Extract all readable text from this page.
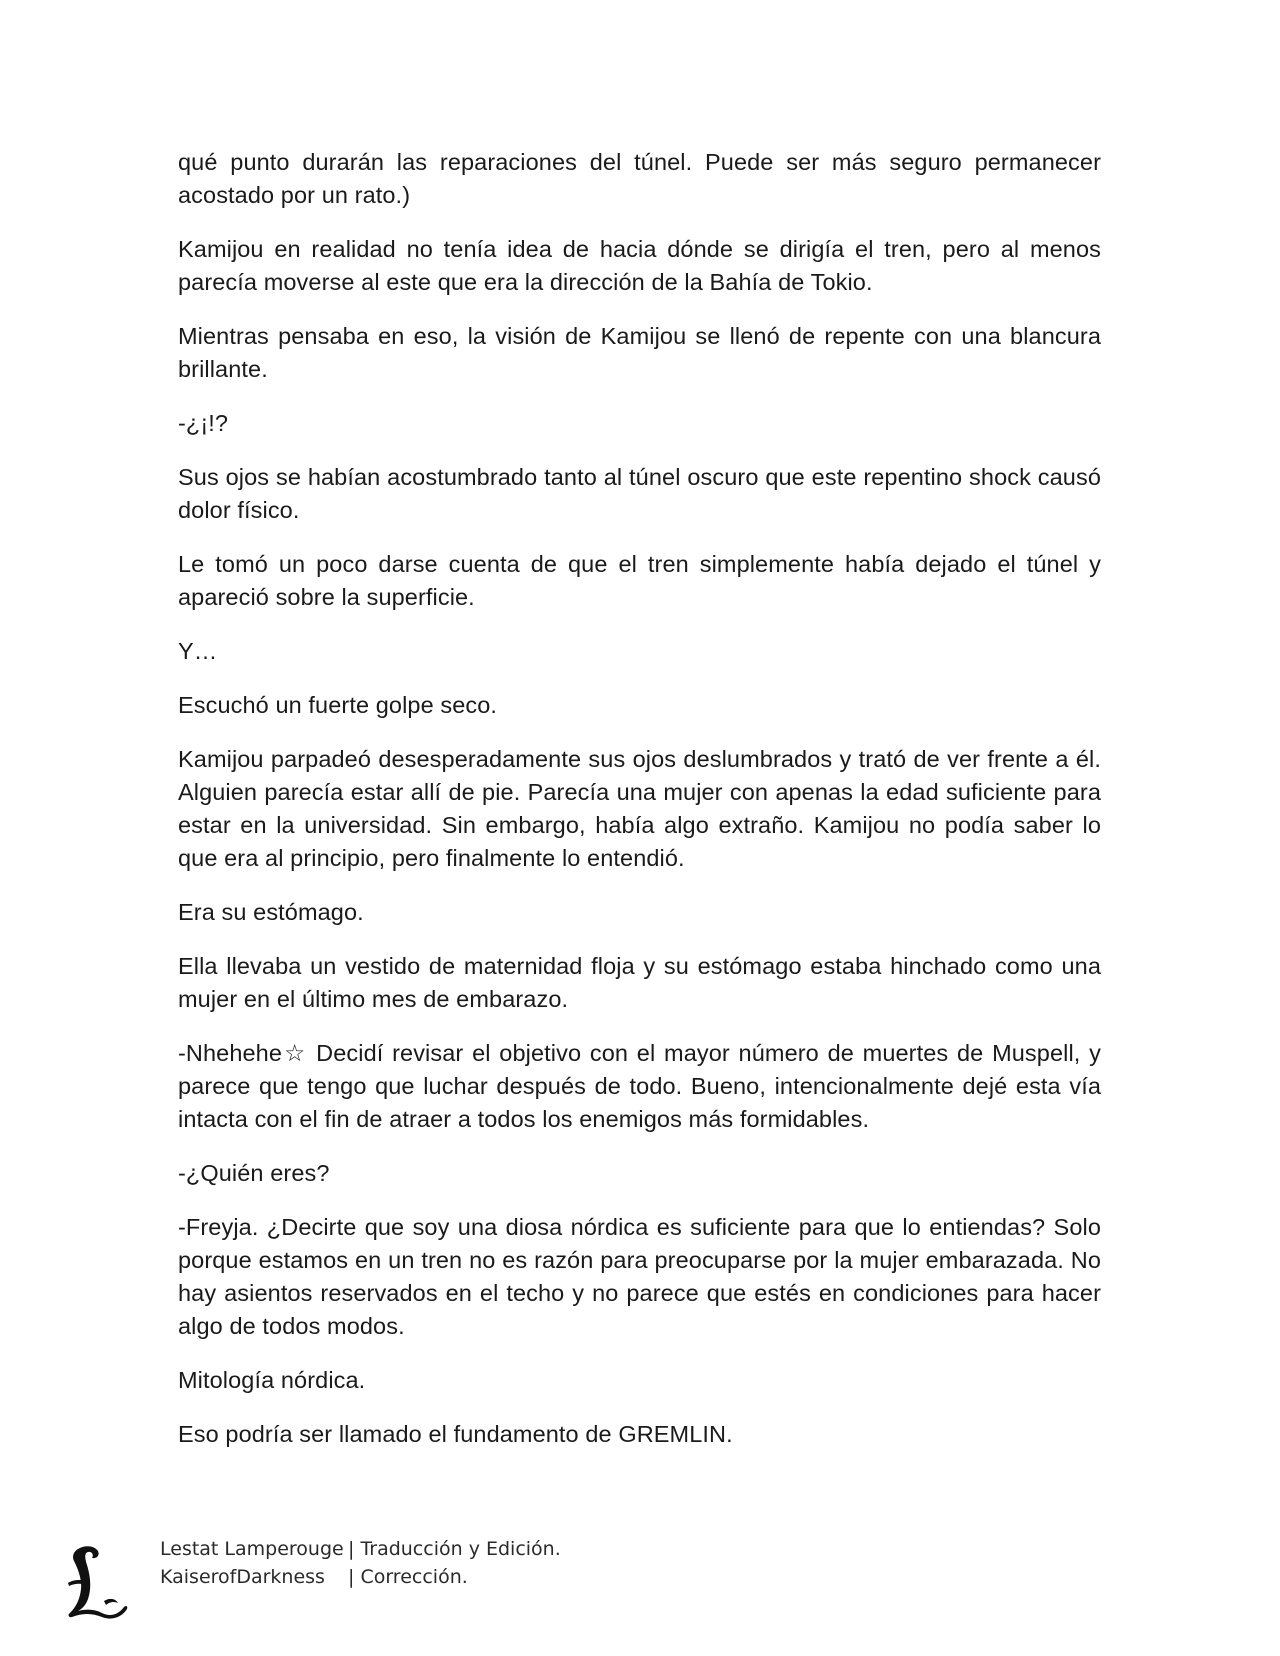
qué punto durarán las reparaciones del túnel. Puede ser más seguro permanecer acostado por un rato.)

Kamijou en realidad no tenía idea de hacia dónde se dirigía el tren, pero al menos parecía moverse al este que era la dirección de la Bahía de Tokio.

Mientras pensaba en eso, la visión de Kamijou se llenó de repente con una blancura brillante.

-¿¡!?

Sus ojos se habían acostumbrado tanto al túnel oscuro que este repentino shock causó dolor físico.

Le tomó un poco darse cuenta de que el tren simplemente había dejado el túnel y apareció sobre la superficie.

Y…

Escuchó un fuerte golpe seco.

Kamijou parpadeó desesperadamente sus ojos deslumbrados y trató de ver frente a él. Alguien parecía estar allí de pie. Parecía una mujer con apenas la edad suficiente para estar en la universidad. Sin embargo, había algo extraño. Kamijou no podía saber lo que era al principio, pero finalmente lo entendió.

Era su estómago.

Ella llevaba un vestido de maternidad floja y su estómago estaba hinchado como una mujer en el último mes de embarazo.

-Nhehehe☆ Decidí revisar el objetivo con el mayor número de muertes de Muspell, y parece que tengo que luchar después de todo. Bueno, intencionalmente dejé esta vía intacta con el fin de atraer a todos los enemigos más formidables.

-¿Quién eres?

-Freyja. ¿Decirte que soy una diosa nórdica es suficiente para que lo entiendas? Solo porque estamos en un tren no es razón para preocuparse por la mujer embarazada. No hay asientos reservados en el techo y no parece que estés en condiciones para hacer algo de todos modos.

Mitología nórdica.

Eso podría ser llamado el fundamento de GREMLIN.

Lestat Lamperouge | Traducción y Edición.
KaiserofDarkness	| Corrección.
